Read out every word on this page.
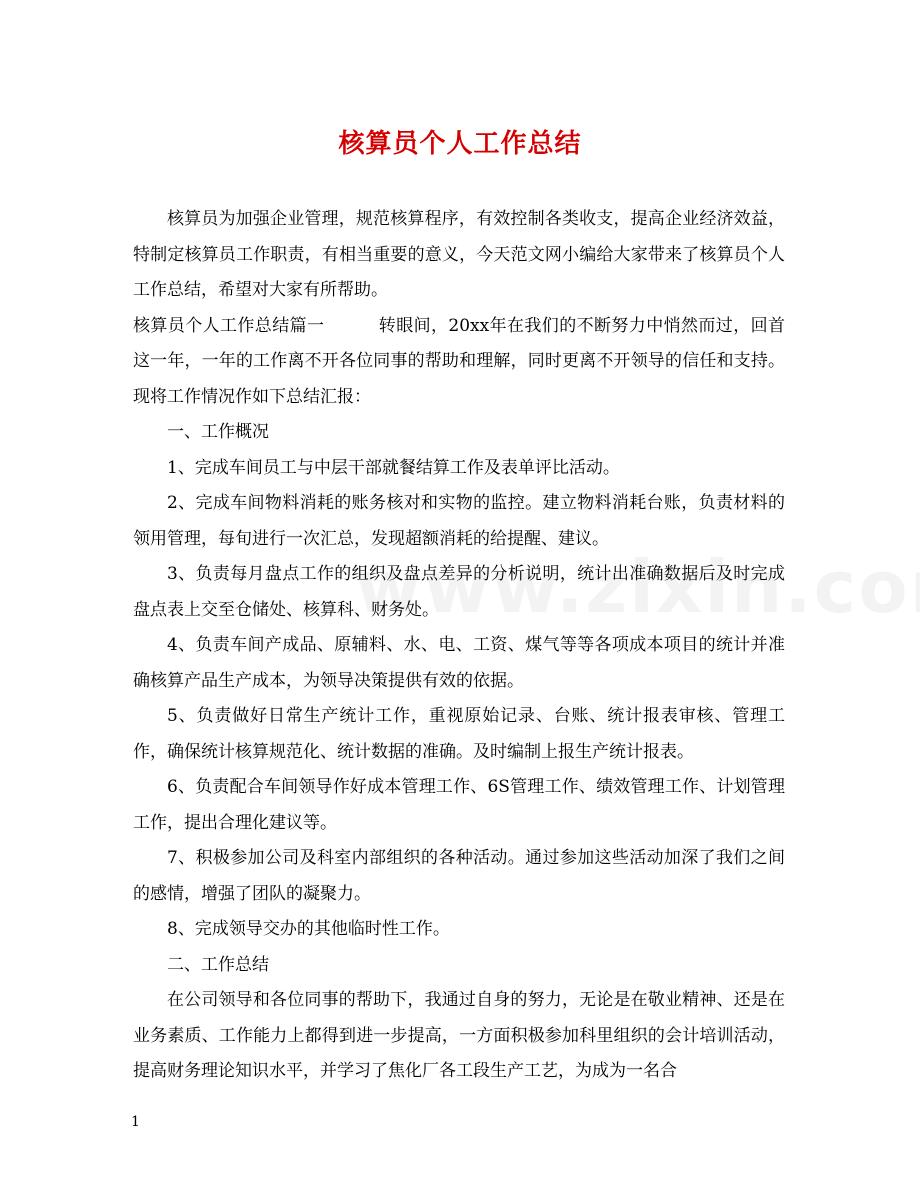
核算员个人工作总结

核算员为加强企业管理，规范核算程序，有效控制各类收支，提高企业经济效益，特制定核算员工作职责，有相当重要的意义，今天范文网小编给大家带来了核算员个人工作总结，希望对大家有所帮助。

核算员个人工作总结篇一	转眼间，20xx年在我们的不断努力中悄然而过，回首这一年，一年的工作离不开各位同事的帮助和理解，同时更离不开领导的信任和支持。现将工作情况作如下总结汇报：

一、工作概况

1、完成车间员工与中层干部就餐结算工作及表单评比活动。

2、完成车间物料消耗的账务核对和实物的监控。建立物料消耗台账，负责材料的领用管理，每旬进行一次汇总，发现超额消耗的给提醒、建议。

3、负责每月盘点工作的组织及盘点差异的分析说明，统计出准确数据后及时完成盘点表上交至仓储处、核算科、财务处。

4、负责车间产成品、原辅料、水、电、工资、煤气等等各项成本项目的统计并准确核算产品生产成本，为领导决策提供有效的依据。

5、负责做好日常生产统计工作，重视原始记录、台账、统计报表审核、管理工作，确保统计核算规范化、统计数据的准确。及时编制上报生产统计报表。

6、负责配合车间领导作好成本管理工作、6S管理工作、绩效管理工作、计划管理工作，提出合理化建议等。

7、积极参加公司及科室内部组织的各种活动。通过参加这些活动加深了我们之间的感情，增强了团队的凝聚力。

8、完成领导交办的其他临时性工作。

二、工作总结

在公司领导和各位同事的帮助下，我通过自身的努力，无论是在敬业精神、还是在业务素质、工作能力上都得到进一步提高，一方面积极参加科里组织的会计培训活动，提高财务理论知识水平，并学习了焦化厂各工段生产工艺，为成为一名合

1
